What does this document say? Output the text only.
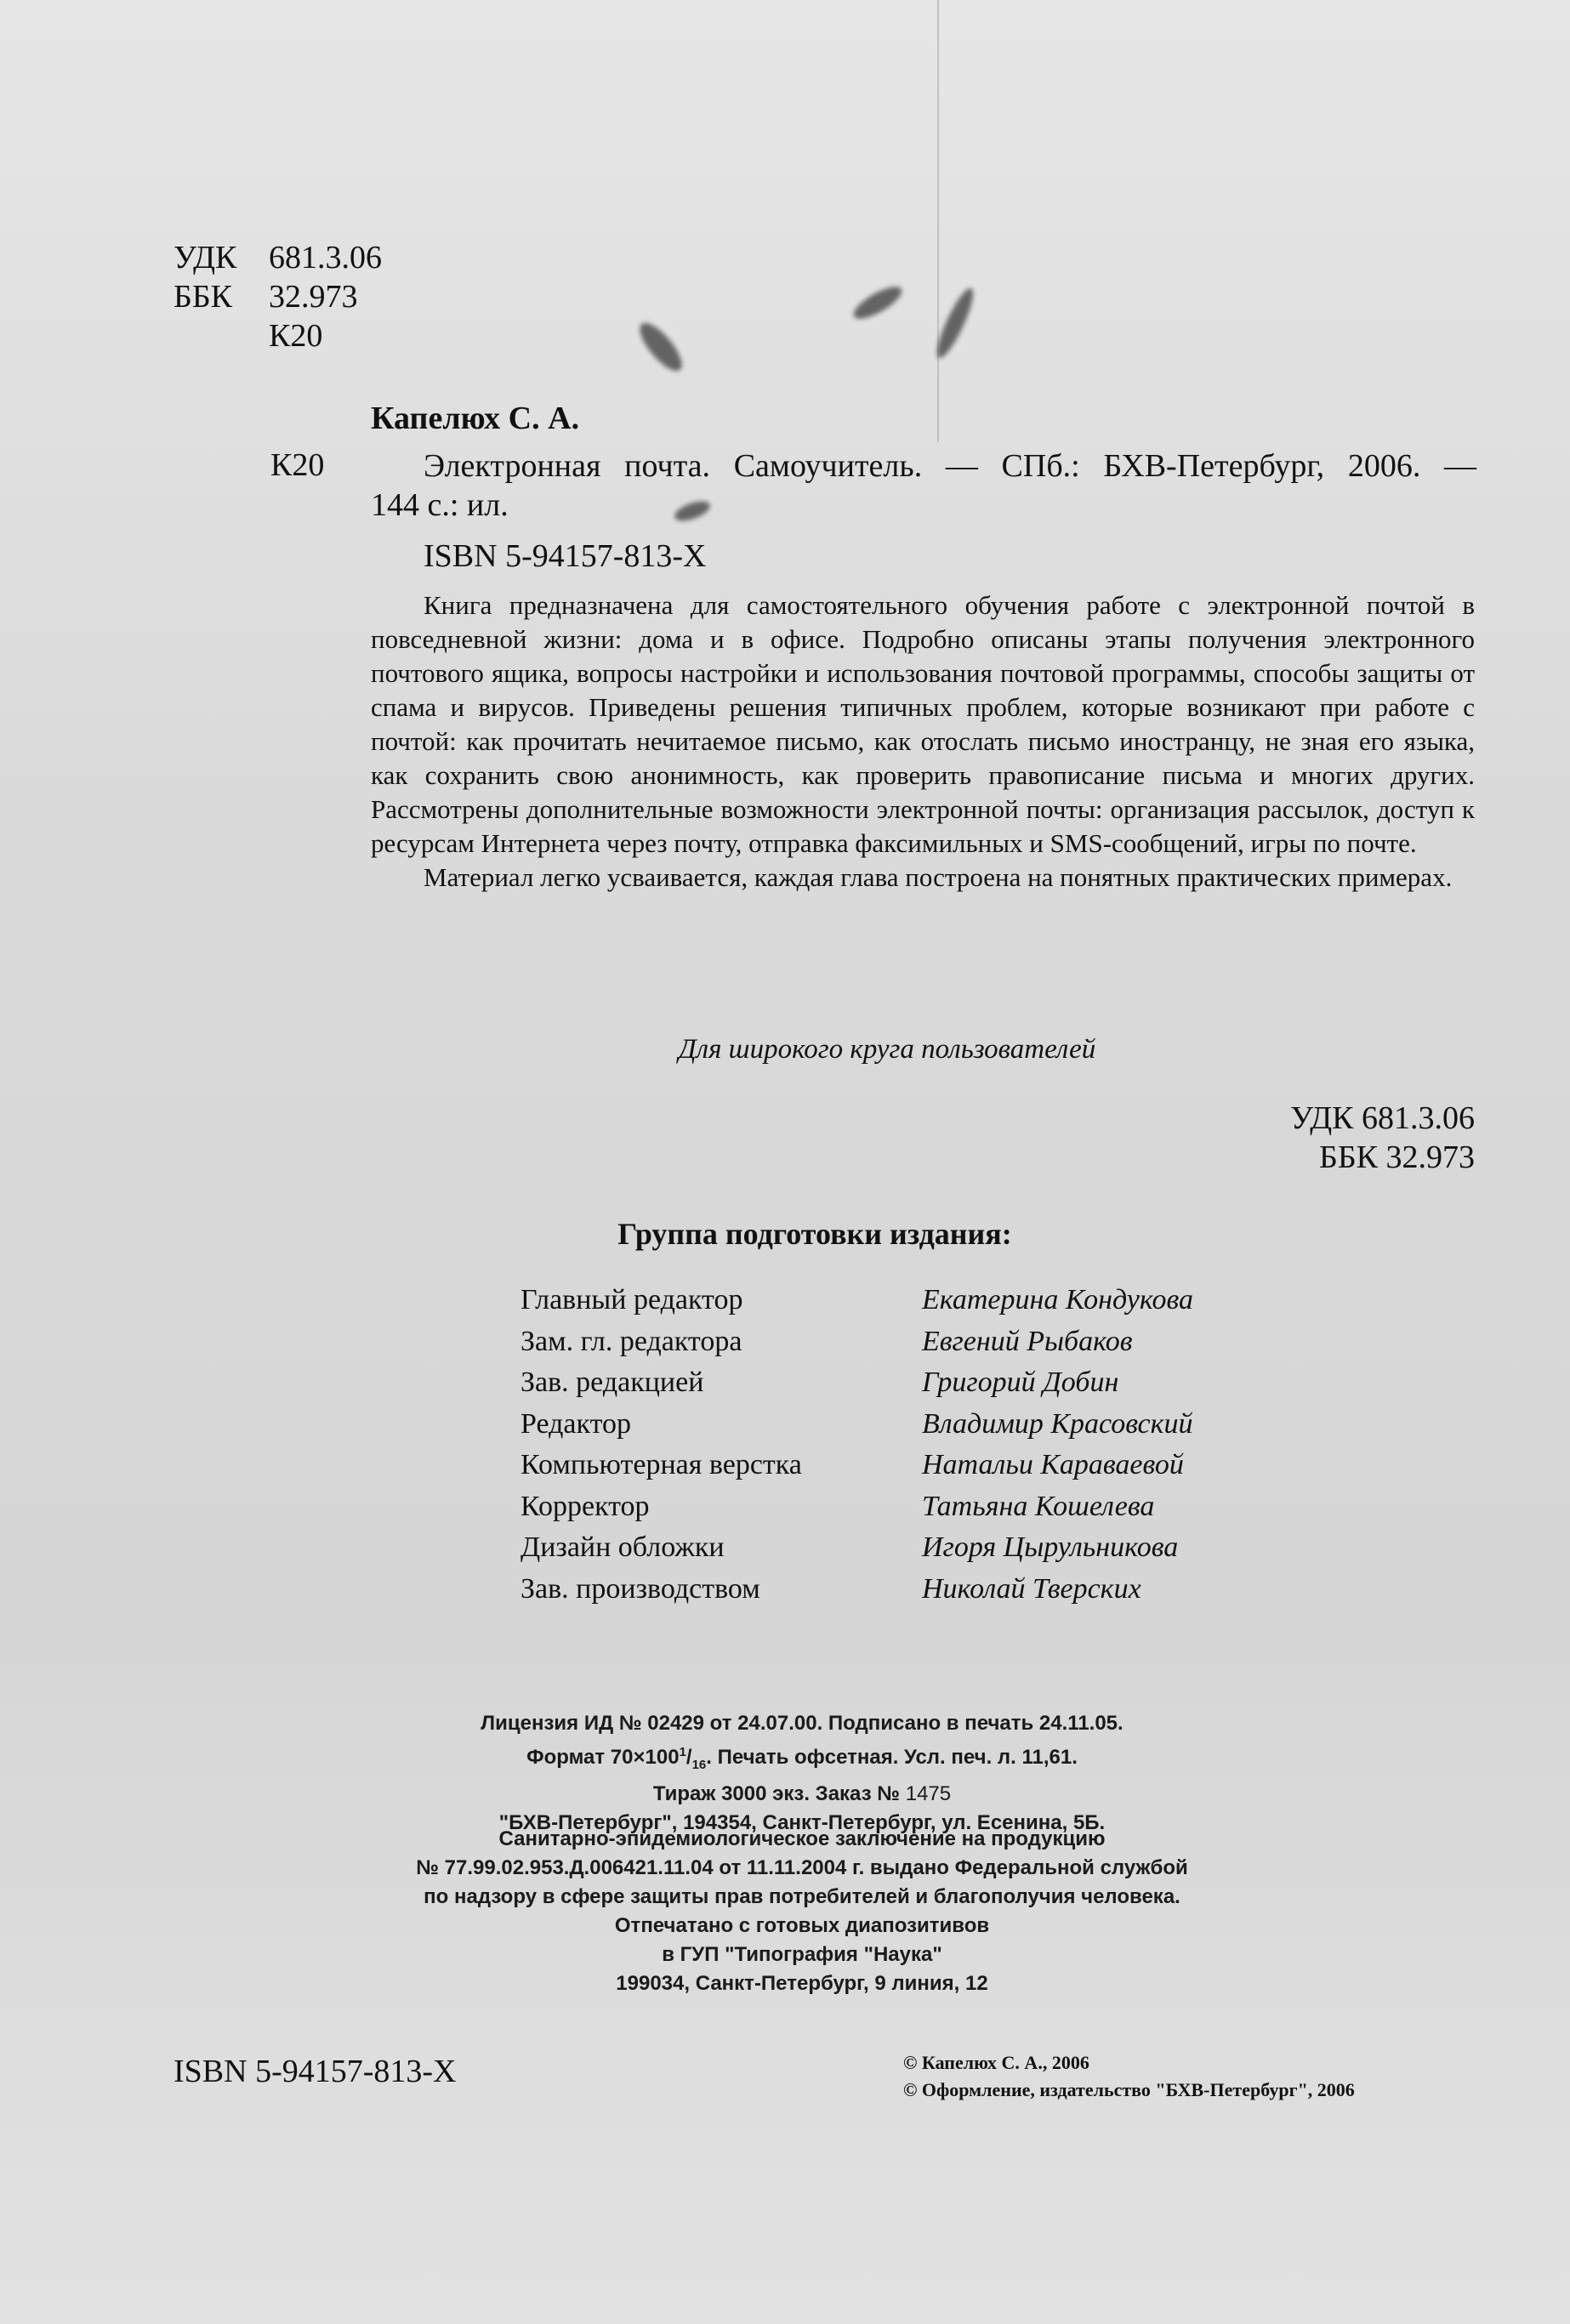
УДК 681.3.06
ББК	32.973
К20
Капелюх С. А.
К20	Электронная почта. Самоучитель. — СПб.: БХВ-Петербург, 2006. —
144 с.: ил.
ISBN 5-94157-813-Х

Книга предназначена для самостоятельного обучения работе с электронной почтой в повседневной жизни: дома и в офисе. Подробно описаны этапы получения электронного почтового ящика, вопросы настройки и использования почтовой программы, способы защиты от спама и вирусов. Приведены решения типичных проблем, которые возникают при работе с почтой: как прочитать нечитаемое письмо, как отослать письмо иностранцу, не зная его языка, как сохранить свою анонимность, как проверить правописание письма и многих других. Рассмотрены дополнительные возможности электронной почты: организация рассылок, доступ к ресурсам Интернета через почту, отправка факсимильных и SMS-сообщений, игры по почте.

Материал легко усваивается, каждая глава построена на понятных практических примерах.

Для широкого круга пользователей
УДК 681.3.06
ББК 32.973
Группа подготовки издания:
Главный редактор	Екатерина Кондукова
Зам. гл. редактора	Евгений Рыбаков
Зав. редакцией	Григорий Добин
Редактор	Владимир Красовский
Компьютерная верстка	Натальи Караваевой
Корректор	Татьяна Кошелева
Дизайн обложки	Игоря Цырульникова
Зав. производством	Николай Тверских
Лицензия ИД № 02429 от 24.07.00. Подписано в печать 24.11.05.
Формат $70\times 100^1/_{16}$. Печать офсетная. Усл. печ. л. 11,61.
Тираж 3000 экз. Заказ № 1475
"БХВ-Петербург", 194354, Санкт-Петербург, ул. Есенина, 5Б.
Санитарно-эпидемиологическое заключение на продукцию
№ 77.99.02.953.Д.006421.11.04 от 11.11.2004 г. выдано Федеральной службой
по надзору в сфере защиты прав потребителей и благополучия человека.
Отпечатано с готовых диапозитивов
в ГУП "Типография "Наука"
199034, Санкт-Петербург, 9 линия, 12
ISBN 5-94157-813-Х	© Капелюх С. А., 2006
© Оформление, издательство "БХВ-Петербург", 2006
